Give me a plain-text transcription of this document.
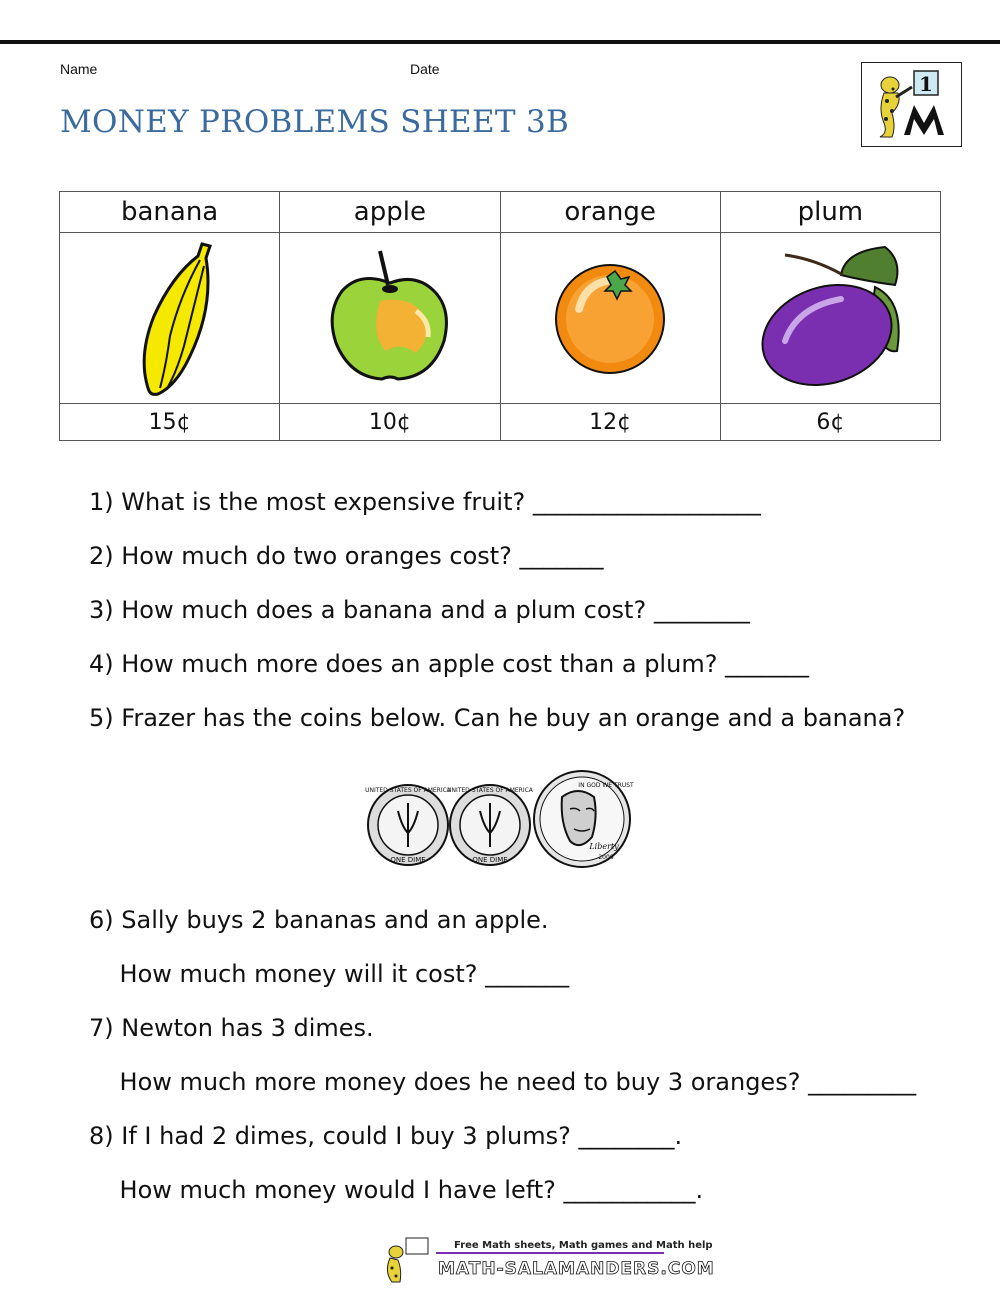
Name	Date
MONEY PROBLEMS SHEET 3B
1
banana	apple	orange	plum

15¢	10¢	12¢	6¢
1) What is the most expensive fruit? ___________________
2) How much do two oranges cost? _______
3) How much does a banana and a plum cost? ________
4) How much more does an apple cost than a plum? _______
5) Frazer has the coins below. Can he buy an orange and a banana?
UNITED STATES OF AMERICA
ONE DIME
UNITED STATES OF AMERICA
ONE DIME
IN GOD WE TRUST
Liberty
2006
6) Sally buys 2 bananas and an apple.
How much money will it cost? _______
7) Newton has 3 dimes.
How much more money does he need to buy 3 oranges? _________
8) If I had 2 dimes, could I buy 3 plums? ________.
How much money would I have left? ___________.
Free Math sheets, Math games and Math help
MATH-SALAMANDERS.COM
